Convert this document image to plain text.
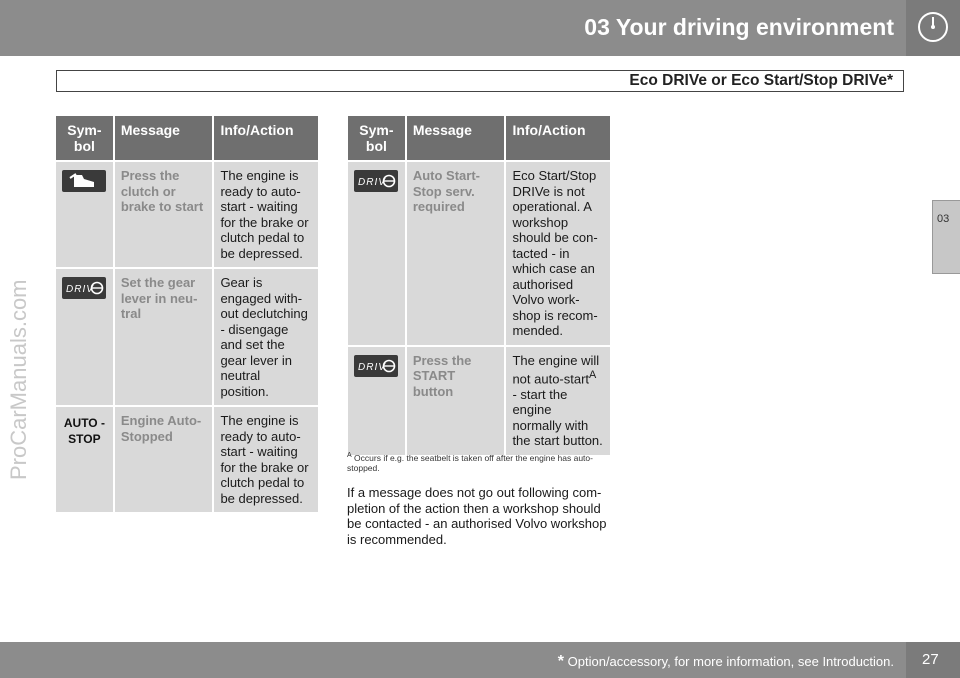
03 Your driving environment
Eco DRIVe or Eco Start/Stop DRIVe*
03
ProCarManuals.com
Sym-bol	Message	Info/Action

	Press the clutch or brake to start	The engine is ready to auto-start - waiting for the brake or clutch pedal to be depressed.

DRIV	Set the gear lever in neu-tral	Gear is engaged with-out declutching - disengage and set the gear lever in neutral position.
AUTO - STOP	Engine Auto-Stopped	The engine is ready to auto-start - waiting for the brake or clutch pedal to be depressed.
Sym-bol	Message	Info/Action

DRIV	Auto Start-Stop serv. required	Eco Start/Stop DRIVe is not operational. A workshop should be con-tacted - in which case an authorised Volvo work-shop is recom-mended.

DRIV	Press the START button	The engine will not auto-start$^A$ - start the engine normally with the start button.
$^A$ Occurs if e.g. the seatbelt is taken off after the engine has auto-stopped.
If a message does not go out following com-pletion of the action then a workshop should be contacted - an authorised Volvo workshop is recommended.
* Option/accessory, for more information, see Introduction. 27
